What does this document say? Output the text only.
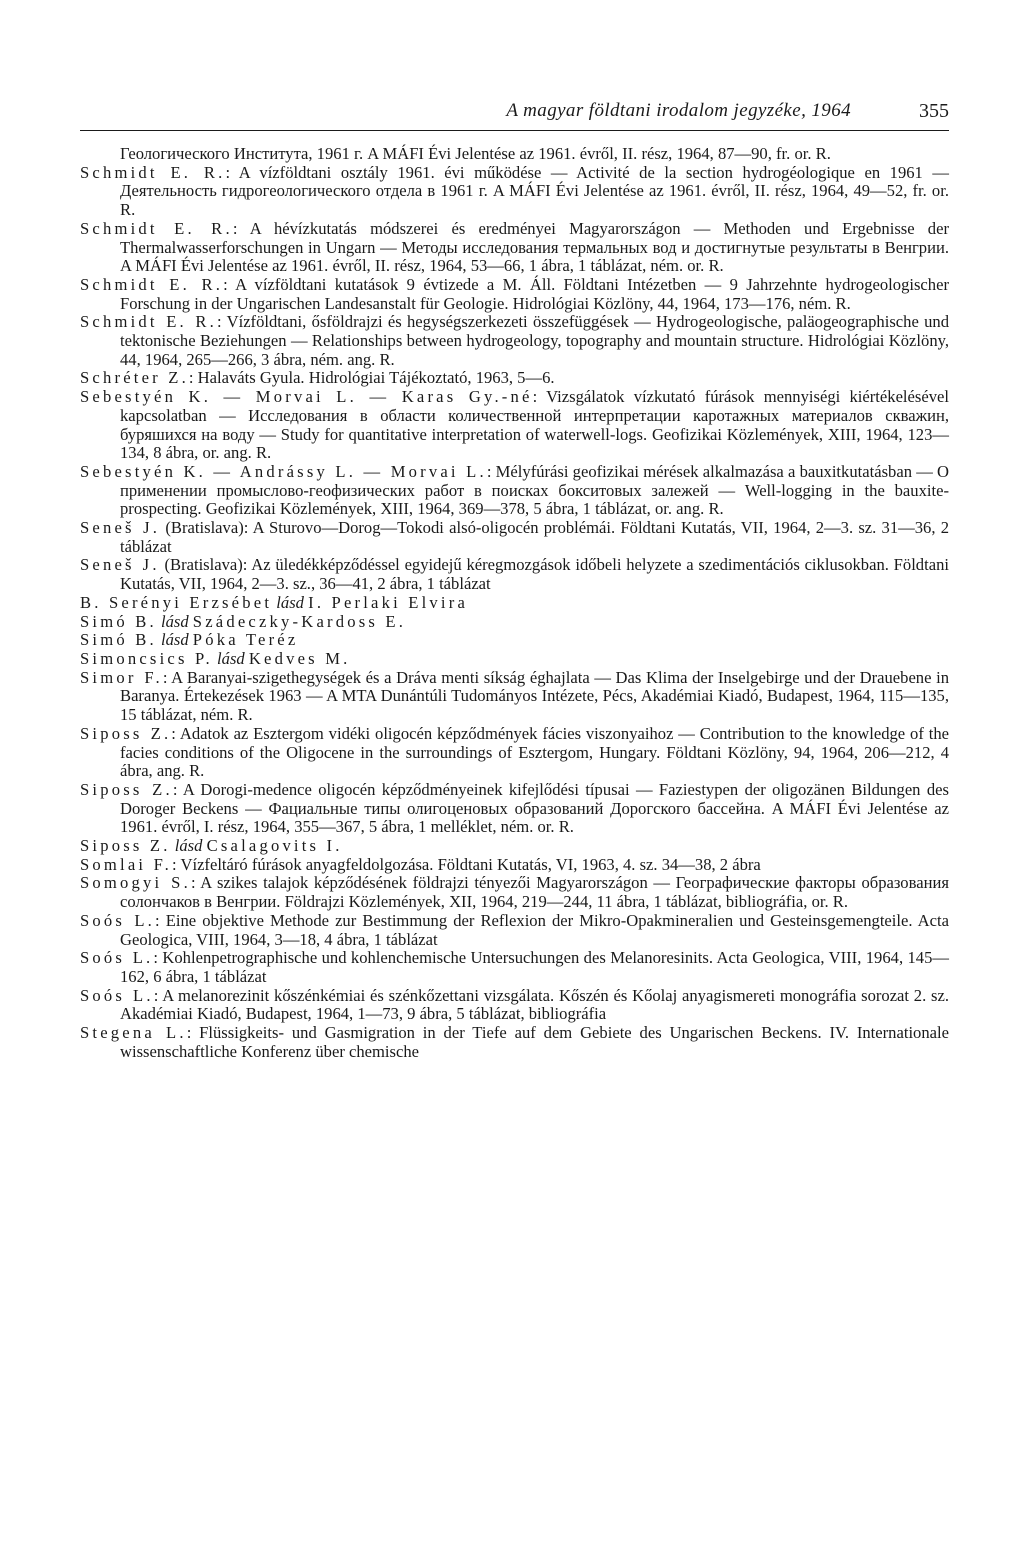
A magyar földtani irodalom jegyzéke, 1964	355

Геологического Института, 1961 г. A MÁFI Évi Jelentése az 1961. évről, II. rész, 1964, 87—90, fr. or. R.

Schmidt E. R.: A vízföldtani osztály 1961. évi működése — Activité de la section hydrogéologique en 1961 — Деятельность гидрогеологического отдела в 1961 г. A MÁFI Évi Jelentése az 1961. évről, II. rész, 1964, 49—52, fr. or. R.

Schmidt E. R.: A hévízkutatás módszerei és eredményei Magyarországon — Methoden und Ergebnisse der Thermalwasserforschungen in Ungarn — Методы исследования термальных вод и достигнутые результаты в Венгрии. A MÁFI Évi Jelentése az 1961. évről, II. rész, 1964, 53—66, 1 ábra, 1 táblázat, ném. or. R.

Schmidt E. R.: A vízföldtani kutatások 9 évtizede a M. Áll. Földtani Intézetben — 9 Jahrzehnte hydrogeologischer Forschung in der Ungarischen Landesanstalt für Geologie. Hidrológiai Közlöny, 44, 1964, 173—176, ném. R.

Schmidt E. R.: Vízföldtani, ősföldrajzi és hegységszerkezeti összefüggések — Hydrogeologische, paläogeographische und tektonische Beziehungen — Relationships between hydrogeology, topography and mountain structure. Hidrológiai Közlöny, 44, 1964, 265—266, 3 ábra, ném. ang. R.

Schréter Z.: Halaváts Gyula. Hidrológiai Tájékoztató, 1963, 5—6.

Sebestyén K. — Morvai L. — Karas Gy.-né: Vizsgálatok vízkutató fúrások mennyiségi kiértékelésével kapcsolatban — Исследования в области количественной интерпретации каротажных материалов скважин, буряшихся на воду — Study for quantitative interpretation of waterwell-logs. Geofizikai Közlemények, XIII, 1964, 123—134, 8 ábra, or. ang. R.

Sebestyén K. — Andrássy L. — Morvai L.: Mélyfúrási geofizikai mérések alkalmazása a bauxitkutatásban — О применении промыслово-геофизических работ в поисках бокситовых залежей — Well-logging in the bauxite-prospecting. Geofizikai Közlemények, XIII, 1964, 369—378, 5 ábra, 1 táblázat, or. ang. R.

Seneš J. (Bratislava): A Sturovo—Dorog—Tokodi alsó-oligocén problémái. Földtani Kutatás, VII, 1964, 2—3. sz. 31—36, 2 táblázat

Seneš J. (Bratislava): Az üledékképződéssel egyidejű kéregmozgások időbeli helyzete a szedimentációs ciklusokban. Földtani Kutatás, VII, 1964, 2—3. sz., 36—41, 2 ábra, 1 táblázat

B. Serényi Erzsébet lásd I. Perlaki Elvira

Simó B. lásd Szádeczky-Kardoss E.

Simó B. lásd Póka Teréz

Simoncsics P. lásd Kedves M.

Simor F.: A Baranyai-szigethegységek és a Dráva menti síkság éghajlata — Das Klima der Inselgebirge und der Drauebene in Baranya. Értekezések 1963 — A MTA Dunántúli Tudományos Intézete, Pécs, Akadémiai Kiadó, Budapest, 1964, 115—135, 15 táblázat, ném. R.

Siposs Z.: Adatok az Esztergom vidéki oligocén képződmények fácies viszonyaihoz — Contribution to the knowledge of the facies conditions of the Oligocene in the surroundings of Esztergom, Hungary. Földtani Közlöny, 94, 1964, 206—212, 4 ábra, ang. R.

Siposs Z.: A Dorogi-medence oligocén képződményeinek kifejlődési típusai — Faziestypen der oligozänen Bildungen des Doroger Beckens — Фациальные типы олигоценовых образований Дорогского бассейна. A MÁFI Évi Jelentése az 1961. évről, I. rész, 1964, 355—367, 5 ábra, 1 melléklet, ném. or. R.

Siposs Z. lásd Csalagovits I.

Somlai F.: Vízfeltáró fúrások anyagfeldolgozása. Földtani Kutatás, VI, 1963, 4. sz. 34—38, 2 ábra

Somogyi S.: A szikes talajok képződésének földrajzi tényezői Magyarországon — Географические факторы образования солончаков в Венгрии. Földrajzi Közlemények, XII, 1964, 219—244, 11 ábra, 1 táblázat, bibliográfia, or. R.

Soós L.: Eine objektive Methode zur Bestimmung der Reflexion der Mikro-Opakmineralien und Gesteinsgemengteile. Acta Geologica, VIII, 1964, 3—18, 4 ábra, 1 táblázat

Soós L.: Kohlenpetrographische und kohlenchemische Untersuchungen des Melanoresinits. Acta Geologica, VIII, 1964, 145—162, 6 ábra, 1 táblázat

Soós L.: A melanorezinit kőszénkémiai és szénkőzettani vizsgálata. Kőszén és Kőolaj anyagismereti monográfia sorozat 2. sz. Akadémiai Kiadó, Budapest, 1964, 1—73, 9 ábra, 5 táblázat, bibliográfia

Stegena L.: Flüssigkeits- und Gasmigration in der Tiefe auf dem Gebiete des Ungarischen Beckens. IV. Internationale wissenschaftliche Konferenz über chemische
